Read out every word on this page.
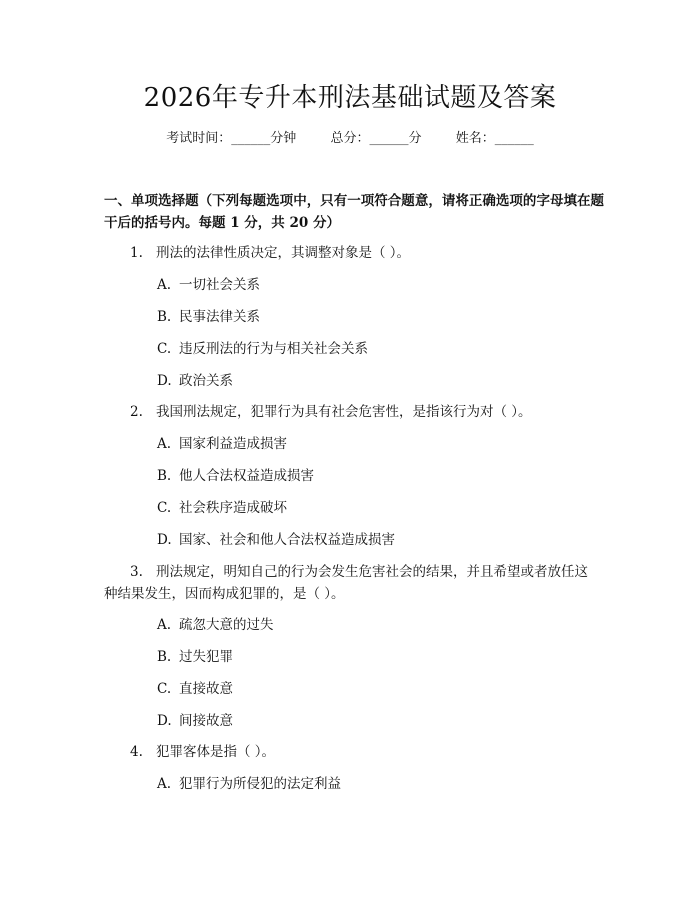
2026年专升本刑法基础试题及答案
考试时间：______分钟	总分：______分	姓名：______
一、单项选择题（下列每题选项中，只有一项符合题意，请将正确选项的字母填在题干后的括号内。每题 1 分，共 20 分）
1. 刑法的法律性质决定，其调整对象是（ ）。
A. 一切社会关系
B. 民事法律关系
C. 违反刑法的行为与相关社会关系
D. 政治关系
2. 我国刑法规定，犯罪行为具有社会危害性，是指该行为对（ ）。
A. 国家利益造成损害
B. 他人合法权益造成损害
C. 社会秩序造成破坏
D. 国家、社会和他人合法权益造成损害
3. 刑法规定，明知自己的行为会发生危害社会的结果，并且希望或者放任这种结果发生，因而构成犯罪的，是（ ）。
A. 疏忽大意的过失
B. 过失犯罪
C. 直接故意
D. 间接故意
4. 犯罪客体是指（ ）。
A. 犯罪行为所侵犯的法定利益
